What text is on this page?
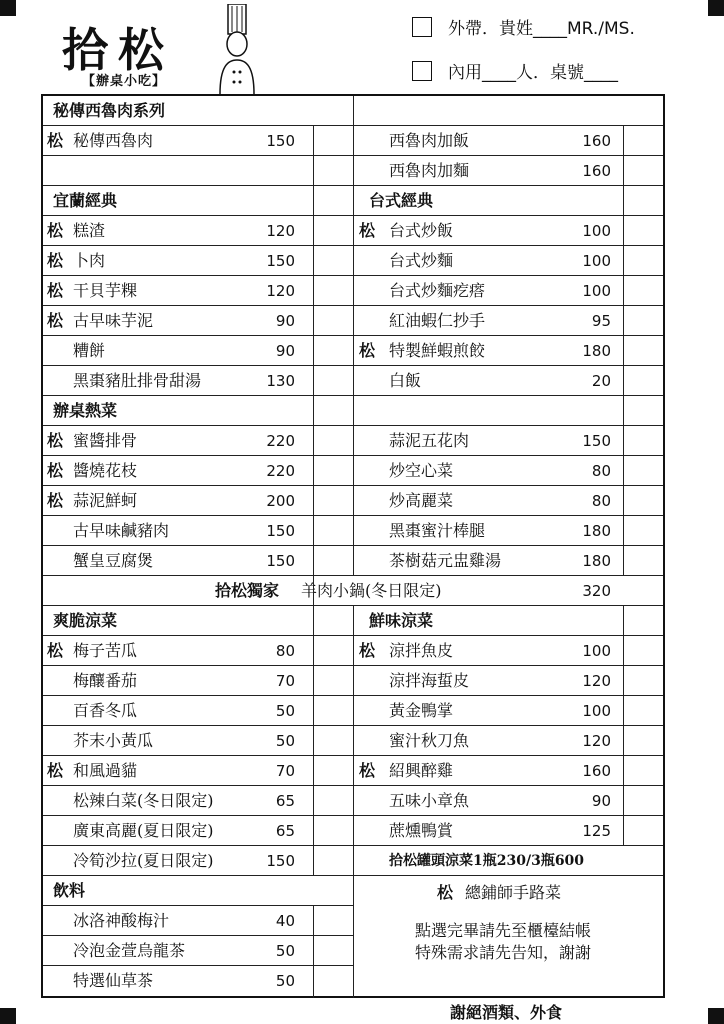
拾松
【辦桌小吃】
外帶．貴姓____MR./MS.
內用____人．桌號____
秘傳西魯肉系列
松 秘傳西魯肉	150	西魯肉加飯	160
西魯肉加麵	160
宜蘭經典	台式經典
松 糕渣	120	松 台式炒飯	100
松 卜肉	150	台式炒麵	100
松 干貝芋粿	120	台式炒麵疙瘩	100
松 古早味芋泥	90	紅油蝦仁抄手	95
糟餅	90	松 特製鮮蝦煎餃	180
黑棗豬肚排骨甜湯	130	白飯	20
辦桌熱菜
松 蜜醬排骨	220	蒜泥五花肉	150
松 醬燒花枝	220	炒空心菜	80
松 蒜泥鮮蚵	200	炒高麗菜	80
古早味鹹豬肉	150	黑棗蜜汁棒腿	180
蟹皇豆腐煲	150	茶樹菇元盅雞湯	180
拾松獨家 羊肉小鍋(冬日限定)	320
爽脆涼菜	鮮味涼菜
松 梅子苦瓜	80	松 涼拌魚皮	100
梅釀番茄	70	涼拌海蜇皮	120
百香冬瓜	50	黃金鴨掌	100
芥末小黃瓜	50	蜜汁秋刀魚	120
松 和風過貓	70	松 紹興醉雞	160
松辣白菜(冬日限定)	65	五味小章魚	90
廣東高麗(夏日限定)	65	蔗燻鴨賞	125
冷筍沙拉(夏日限定)	150	拾松罐頭涼菜1瓶230/3瓶600
飲料
冰洛神酸梅汁	40
冷泡金萱烏龍茶	50
特選仙草茶	50
松 總鋪師手路菜
點選完畢請先至櫃檯結帳
特殊需求請先告知，謝謝
謝絕酒類、外食
